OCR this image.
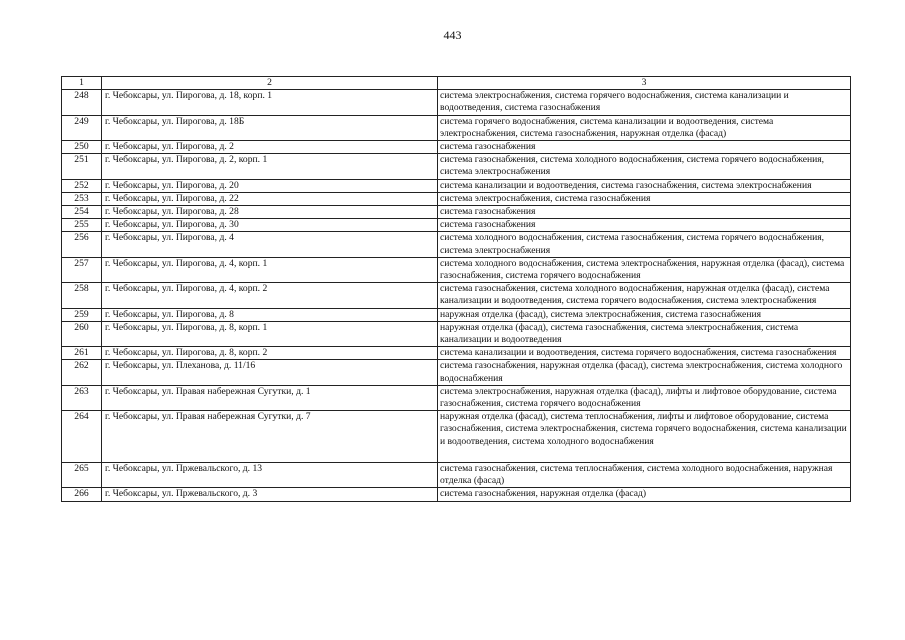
443
1	2	3
248	г. Чебоксары, ул. Пирогова, д. 18, корп. 1	система электроснабжения, система горячего водоснабжения, система канализации и водоотведения, система газоснабжения
249	г. Чебоксары, ул. Пирогова, д. 18Б	система горячего водоснабжения, система канализации и водоотведения, система электроснабжения, система газоснабжения, наружная отделка (фасад)
250	г. Чебоксары, ул. Пирогова, д. 2	система газоснабжения
251	г. Чебоксары, ул. Пирогова, д. 2, корп. 1	система газоснабжения, система холодного водоснабжения, система горячего водоснабжения, система электроснабжения
252	г. Чебоксары, ул. Пирогова, д. 20	система канализации и водоотведения, система газоснабжения, система электроснабжения
253	г. Чебоксары, ул. Пирогова, д. 22	система электроснабжения, система газоснабжения
254	г. Чебоксары, ул. Пирогова, д. 28	система газоснабжения
255	г. Чебоксары, ул. Пирогова, д. 30	система газоснабжения
256	г. Чебоксары, ул. Пирогова, д. 4	система холодного водоснабжения, система газоснабжения, система горячего водоснабжения, система электроснабжения
257	г. Чебоксары, ул. Пирогова, д. 4, корп. 1	система холодного водоснабжения, система электроснабжения, наружная отделка (фасад), система газоснабжения, система горячего водоснабжения
258	г. Чебоксары, ул. Пирогова, д. 4, корп. 2	система газоснабжения, система холодного водоснабжения, наружная отделка (фасад), система канализации и водоотведения, система горячего водоснабжения, система электроснабжения
259	г. Чебоксары, ул. Пирогова, д. 8	наружная отделка (фасад), система электроснабжения, система газоснабжения
260	г. Чебоксары, ул. Пирогова, д. 8, корп. 1	наружная отделка (фасад), система газоснабжения, система электроснабжения, система канализации и водоотведения
261	г. Чебоксары, ул. Пирогова, д. 8, корп. 2	система канализации и водоотведения, система горячего водоснабжения, система газоснабжения
262	г. Чебоксары, ул. Плеханова, д. 11/16	система газоснабжения, наружная отделка (фасад), система электроснабжения, система холодного водоснабжения
263	г. Чебоксары, ул. Правая набережная Сугутки, д. 1	система электроснабжения, наружная отделка (фасад), лифты и лифтовое оборудование, система газоснабжения, система горячего водоснабжения
264	г. Чебоксары, ул. Правая набережная Сугутки, д. 7	наружная отделка (фасад), система теплоснабжения, лифты и лифтовое оборудование, система газоснабжения, система электроснабжения, система горячего водоснабжения, система канализации и водоотведения, система холодного водоснабжения
265	г. Чебоксары, ул. Пржевальского, д. 13	система газоснабжения, система теплоснабжения, система холодного водоснабжения, наружная отделка (фасад)
266	г. Чебоксары, ул. Пржевальского, д. 3	система газоснабжения, наружная отделка (фасад)
